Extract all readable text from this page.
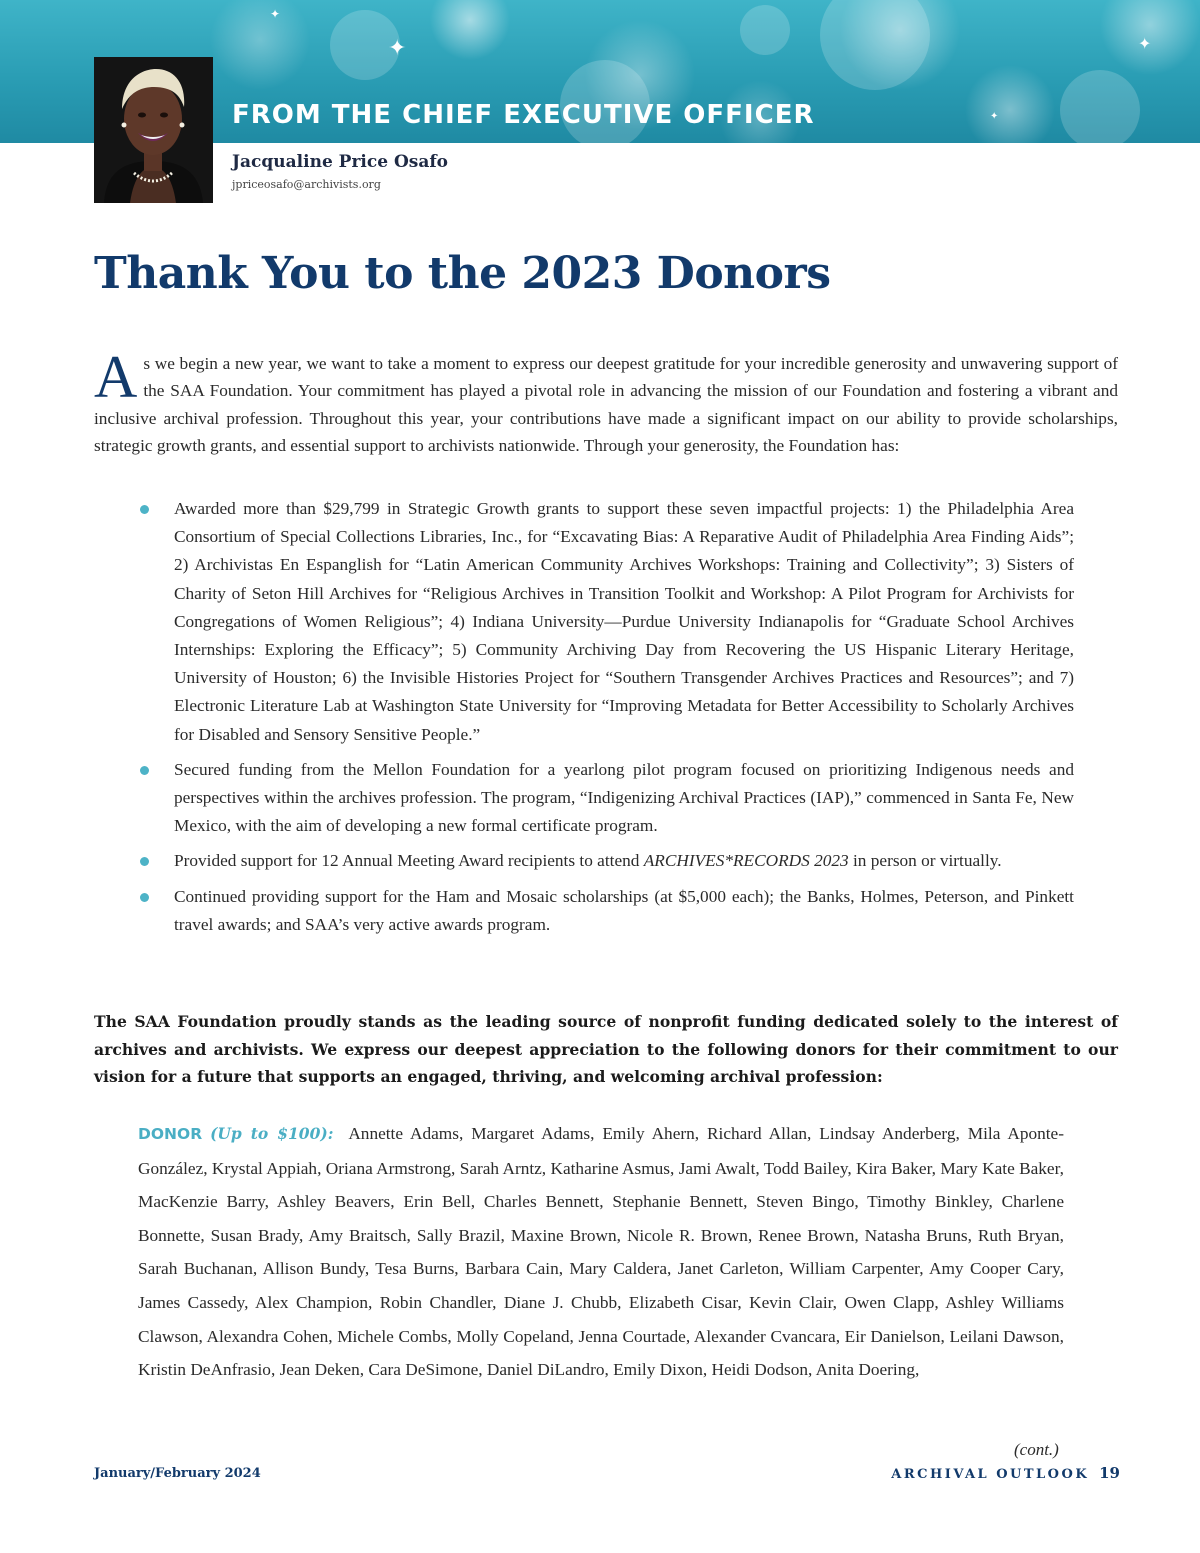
✦	✦
✦
✦
FROM THE CHIEF EXECUTIVE OFFICER
Jacqualine Price Osafo
jpriceosafo@archivists.org
Thank You to the 2023 Donors

As we begin a new year, we want to take a moment to express our deepest gratitude for your incredible generosity and unwavering support of the SAA Foundation. Your commitment has played a pivotal role in advancing the mission of our Foundation and fostering a vibrant and inclusive archival profession. Throughout this year, your contributions have made a significant impact on our ability to provide scholarships, strategic growth grants, and essential support to archivists nationwide. Through your generosity, the Foundation has:

Awarded more than $29,799 in Strategic Growth grants to support these seven impactful projects: 1) the Philadelphia Area Consortium of Special Collections Libraries, Inc., for “Excavating Bias: A Reparative Audit of Philadelphia Area Finding Aids”; 2) Archivistas En Espanglish for “Latin American Community Archives Workshops: Training and Collectivity”; 3) Sisters of Charity of Seton Hill Archives for “Religious Archives in Transition Toolkit and Workshop: A Pilot Program for Archivists for Congregations of Women Religious”; 4) Indiana University—Purdue University Indianapolis for “Graduate School Archives Internships: Exploring the Efficacy”; 5) Community Archiving Day from Recovering the US Hispanic Literary Heritage, University of Houston; 6) the Invisible Histories Project for “Southern Transgender Archives Practices and Resources”; and 7) Electronic Literature Lab at Washington State University for “Improving Metadata for Better Accessibility to Scholarly Archives for Disabled and Sensory Sensitive People.”
Secured funding from the Mellon Foundation for a yearlong pilot program focused on prioritizing Indigenous needs and perspectives within the archives profession. The program, “Indigenizing Archival Practices (IAP),” commenced in Santa Fe, New Mexico, with the aim of developing a new formal certificate program.
Provided support for 12 Annual Meeting Award recipients to attend ARCHIVES*RECORDS 2023 in person or virtually.
Continued providing support for the Ham and Mosaic scholarships (at $5,000 each); the Banks, Holmes, Peterson, and Pinkett travel awards; and SAA’s very active awards program.

The SAA Foundation proudly stands as the leading source of nonprofit funding dedicated solely to the interest of archives and archivists. We express our deepest appreciation to the following donors for their commitment to our vision for a future that supports an engaged, thriving, and welcoming archival profession:

DONOR (Up to $100): Annette Adams, Margaret Adams, Emily Ahern, Richard Allan, Lindsay Anderberg, Mila Aponte-González, Krystal Appiah, Oriana Armstrong, Sarah Arntz, Katharine Asmus, Jami Awalt, Todd Bailey, Kira Baker, Mary Kate Baker, MacKenzie Barry, Ashley Beavers, Erin Bell, Charles Bennett, Stephanie Bennett, Steven Bingo, Timothy Binkley, Charlene Bonnette, Susan Brady, Amy Braitsch, Sally Brazil, Maxine Brown, Nicole R. Brown, Renee Brown, Natasha Bruns, Ruth Bryan, Sarah Buchanan, Allison Bundy, Tesa Burns, Barbara Cain, Mary Caldera, Janet Carleton, William Carpenter, Amy Cooper Cary, James Cassedy, Alex Champion, Robin Chandler, Diane J. Chubb, Elizabeth Cisar, Kevin Clair, Owen Clapp, Ashley Williams Clawson, Alexandra Cohen, Michele Combs, Molly Copeland, Jenna Courtade, Alexander Cvancara, Eir Danielson, Leilani Dawson, Kristin DeAnfrasio, Jean Deken, Cara DeSimone, Daniel DiLandro, Emily Dixon, Heidi Dodson, Anita Doering,

(cont.)
January/February 2024	ARCHIVAL OUTLOOK 19
